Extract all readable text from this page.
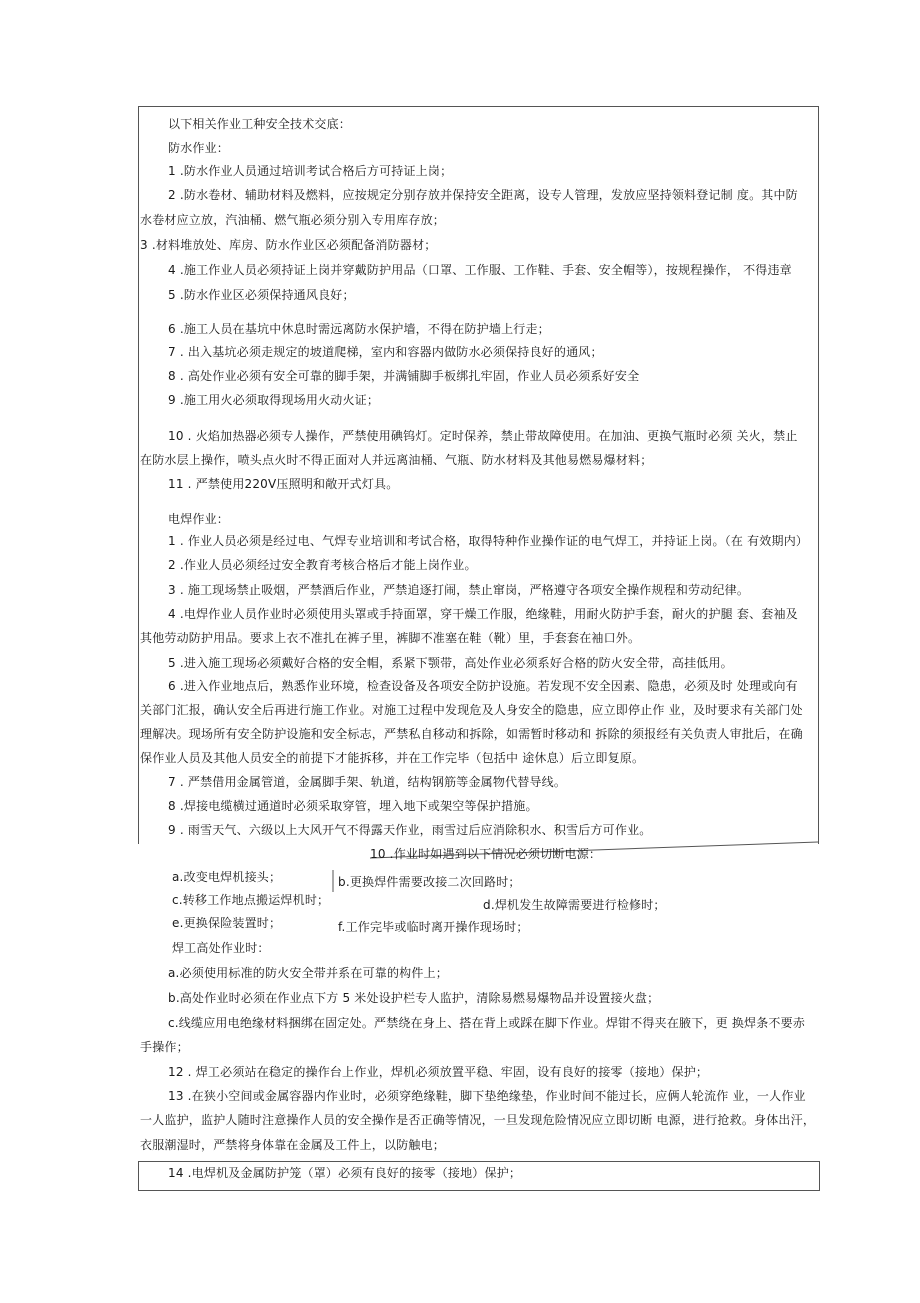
以下相关作业工种安全技术交底：
防水作业：
1 .防水作业人员通过培训考试合格后方可持证上岗；
2 .防水卷材、辅助材料及燃料，应按规定分别存放并保持安全距离，设专人管理，发放应坚持领料登记制 度。其中防
水卷材应立放，汽油桶、燃气瓶必须分别入专用库存放；
3 .材料堆放处、库房、防水作业区必须配备消防器材；
4 .施工作业人员必须持证上岗并穿戴防护用品（口罩、工作服、工作鞋、手套、安全帽等），按规程操作， 不得违章
5 .防水作业区必须保持通风良好；
6 .施工人员在基坑中休息时需远离防水保护墙，不得在防护墙上行走；
7 . 出入基坑必须走规定的坡道爬梯，室内和容器内做防水必须保持良好的通风；
8 . 高处作业必须有安全可靠的脚手架，并满铺脚手板绑扎牢固，作业人员必须系好安全
9 .施工用火必须取得现场用火动火证；
10 . 火焰加热器必须专人操作，严禁使用碘钨灯。定时保养，禁止带故障使用。在加油、更换气瓶时必须 关火，禁止
在防水层上操作，喷头点火时不得正面对人并远离油桶、气瓶、防水材料及其他易燃易爆材料；
11 . 严禁使用220V压照明和敞开式灯具。
电焊作业：
1 . 作业人员必须是经过电、气焊专业培训和考试合格，取得特种作业操作证的电气焊工，并持证上岗。（在 有效期内）
2 .作业人员必须经过安全教育考核合格后才能上岗作业。
3 . 施工现场禁止吸烟，严禁酒后作业，严禁追逐打闹，禁止窜岗，严格遵守各项安全操作规程和劳动纪律。
4 .电焊作业人员作业时必须使用头罩或手持面罩，穿干燥工作服，绝缘鞋，用耐火防护手套，耐火的护腿 套、套袖及
其他劳动防护用品。要求上衣不准扎在裤子里，裤脚不准塞在鞋（靴）里，手套套在袖口外。
5 .进入施工现场必须戴好合格的安全帽，系紧下颚带，高处作业必须系好合格的防火安全带，高挂低用。
6 .进入作业地点后，熟悉作业环境，检查设备及各项安全防护设施。若发现不安全因素、隐患，必须及时 处理或向有
关部门汇报，确认安全后再进行施工作业。对施工过程中发现危及人身安全的隐患，应立即停止作 业，及时要求有关部门处
理解决。现场所有安全防护设施和安全标志，严禁私自移动和拆除，如需暂时移动和 拆除的须报经有关负责人审批后，在确
保作业人员及其他人员安全的前提下才能拆移，并在工作完毕（包括中 途休息）后立即复原。
7 . 严禁借用金属管道，金属脚手架、轨道，结构钢筋等金属物代替导线。
8 .焊接电缆横过通道时必须采取穿管，埋入地下或架空等保护措施。
9 . 雨雪天气、六级以上大风开气不得露天作业，雨雪过后应消除积水、积雪后方可作业。
10 .作业时如遇到以下情况必须切断电源：
a.改变电焊机接头；	b.更换焊件需要改接二次回路时；
c.转移工作地点搬运焊机时；	d.焊机发生故障需要进行检修时；
e.更换保险装置时；	f.工作完毕或临时离开操作现场时；
焊工高处作业时：
a.必须使用标准的防火安全带并系在可靠的构件上；
b.高处作业时必须在作业点下方 5 米处设护栏专人监护，清除易燃易爆物品并设置接火盘；
c.线缆应用电绝缘材料捆绑在固定处。严禁绕在身上、搭在背上或踩在脚下作业。焊钳不得夹在腋下，更 换焊条不要赤
手操作；
12 . 焊工必须站在稳定的操作台上作业，焊机必须放置平稳、牢固，设有良好的接零（接地）保护；
13 .在狭小空间或金属容器内作业时，必须穿绝缘鞋，脚下垫绝缘垫，作业时间不能过长，应俩人轮流作 业，一人作业
一人监护，监护人随时注意操作人员的安全操作是否正确等情况，一旦发现危险情况应立即切断 电源，进行抢救。身体出汗，
衣服潮湿时，严禁将身体靠在金属及工件上，以防触电；
14 .电焊机及金属防护笼（罩）必须有良好的接零（接地）保护；
